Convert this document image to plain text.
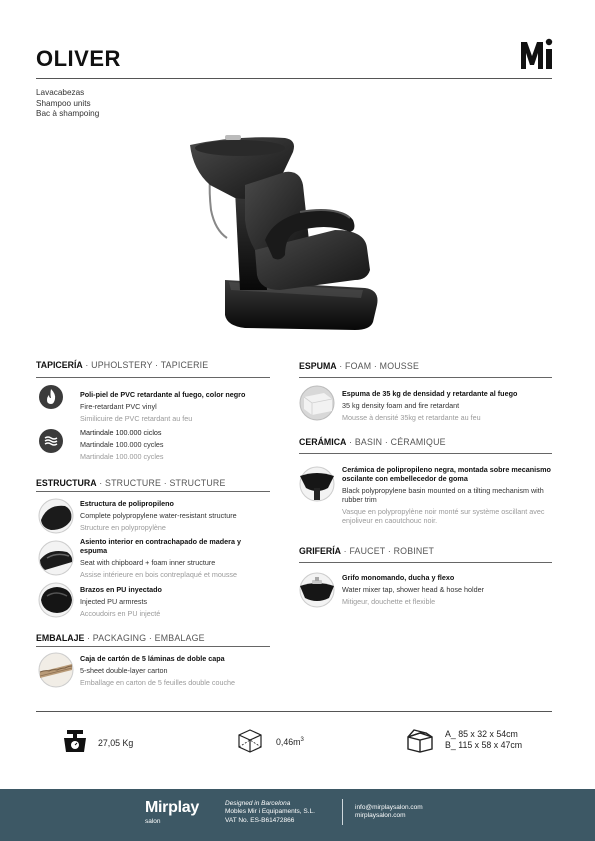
OLIVER
Lavacabezas
Shampoo units
Bac à shampoing
TAPICERÍA · UPHOLSTERY · TAPICERIE
Poli-piel de PVC retardante al fuego, color negro
Fire-retardant PVC vinyl
Similicuire de PVC retardant au feu
Martindale 100.000 ciclos
Martindale 100.000 cycles
Martindale 100.000 cycles
ESTRUCTURA · STRUCTURE · STRUCTURE
Estructura de polipropileno
Complete polypropylene water-resistant structure
Structure en polypropylène
Asiento interior en contrachapado de madera y espuma
Seat with chipboard + foam inner structure
Assise intérieure en bois contreplaqué et mousse
Brazos en PU inyectado
Injected PU armrests
Accoudoirs en PU injecté
EMBALAJE · PACKAGING · EMBALAGE
Caja de cartón de 5 láminas de doble capa
5-sheet double-layer carton
Emballage en carton de 5 feuilles double couche
ESPUMA · FOAM · MOUSSE
Espuma de 35 kg de densidad y retardante al fuego
35 kg density foam and fire retardant
Mousse à densité 35kg et retardante au feu
CERÁMICA · BASIN · CÉRAMIQUE
Cerámica de polipropileno negra, montada sobre mecanismo oscilante con embellecedor de goma
Black polypropylene basin mounted on a tilting mechanism with rubber trim
Vasque en polypropylène noir monté sur système oscillant avec enjoliveur en caoutchouc noir.
GRIFERÍA · FAUCET · ROBINET
Grifo monomando, ducha y flexo
Water mixer tap, shower head & hose holder
Mitigeur, douchette et flexible
27,05 Kg	$0,46m^3$
A_ 85 x 32 x 54cm
B_ 115 x 58 x 47cm
Mirplay
salon
Designed in Barcelona
Mobles Mir i Equipaments, S.L.
VAT No. ES-B61472866
info@mirplaysalon.com
mirplaysalon.com
